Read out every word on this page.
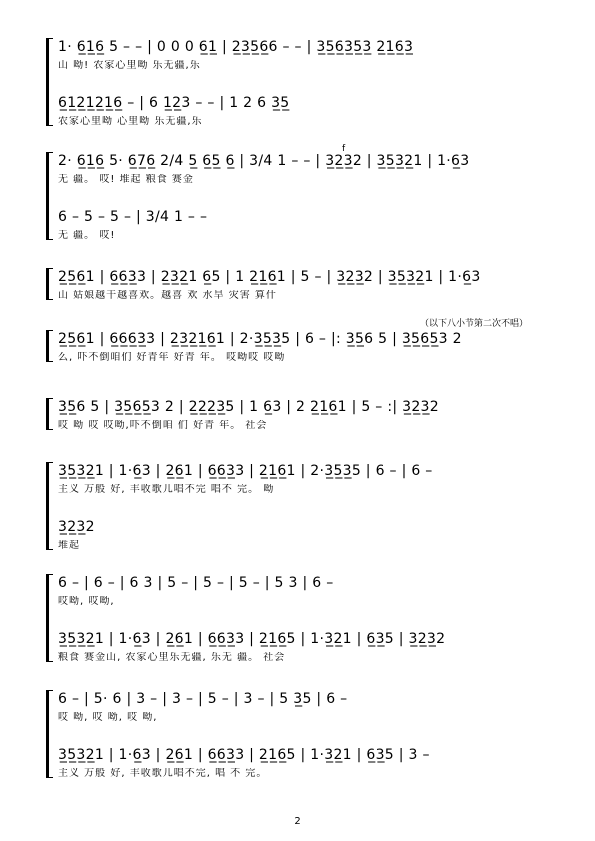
1· 6̲1̲6̲ 5 – – | 0 0 0 6̲1̲ | 2̲3̲5̲6̲6 – – | 3̲5̲6̲3̲5̲3̲ 2̲1̲6̲3̲
山 呦! 农家心里呦 乐无疆,乐
6̲1̲2̲1̲2̲1̲6̲ – | 6 1̲2̲3 – – | 1 2 6 3̲5̲
农家心里呦 心里呦 乐无疆,乐
2· 6̲1̲6̲ 5· 6̲7̲6̲ 2/4 5̲ 6̲5̲ 6̲ | 3/4 1 – – | 3̲2̲3̲2 | 3̲5̲3̲2̲1 | 1·6̲3
无 疆。 哎! 堆起 粮食 赛金
6 – 5 – 5 – | 3/4 1 – –
无 疆。 哎!
2̲5̲6̲1 | 6̲6̲3̲3 | 2̲3̲2̲1 6̲5 | 1 2̲1̲6̲1 | 5 – | 3̲2̲3̲2 | 3̲5̲3̲2̲1 | 1·6̲3
山 姑娘越干越喜欢。越喜 欢 水旱 灾害 算什
2̲5̲6̲1 | 6̲6̲6̲3̲3 | 2̲3̲2̲1̲6̲1 | 2·3̲5̲3̲5 | 6 – |: 3̲5̲6 5 | 3̲5̲6̲5̲3 2
么, 吓不倒咱们 好青年 好青 年。 哎呦哎 哎呦
3̲5̲6 5 | 3̲5̲6̲5̲3 2 | 2̲2̲2̲3̲5 | 1 6̲3 | 2 2̲1̲6̲1 | 5 – :| 3̲2̲3̲2
哎 呦 哎 哎呦,吓不倒咱 们 好青 年。 社会
3̲5̲3̲2̲1 | 1·6̲3 | 2̲6̲1 | 6̲6̲3̲3 | 2̲1̲6̲1 | 2·3̲5̲3̲5 | 6 – | 6 –
主义 万般 好, 丰收歌儿唱不完 唱不 完。 呦
3̲2̲3̲2
堆起
6 – | 6 – | 6 3 | 5 – | 5 – | 5 – | 5 3 | 6 –
哎呦, 哎呦,
3̲5̲3̲2̲1 | 1·6̲3 | 2̲6̲1 | 6̲6̲3̲3 | 2̲1̲6̲5 | 1·3̲2̲1 | 6̲3̲5 | 3̲2̲3̲2
粮食 赛金山, 农家心里乐无疆, 乐无 疆。 社会
6 – | 5· 6 | 3 – | 3 – | 5 – | 3 – | 5 3̲5 | 6 –
哎 呦, 哎 呦, 哎 呦,
3̲5̲3̲2̲1 | 1·6̲3 | 2̲6̲1 | 6̲6̲3̲3 | 2̲1̲6̲5 | 1·3̲2̲1 | 6̲3̲5 | 3 –
主义 万般 好, 丰收歌儿唱不完, 唱 不 完。
（以下八小节第二次不唱）
f
2
